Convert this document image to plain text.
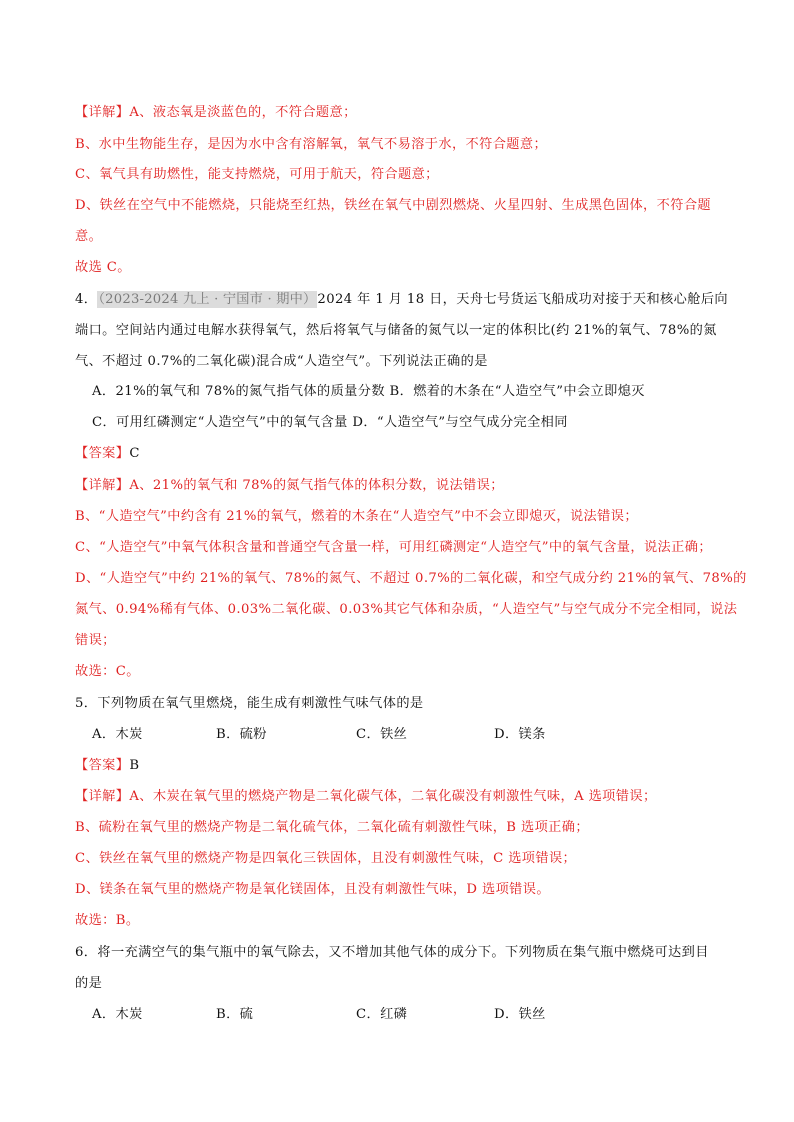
【详解】A、液态氧是淡蓝色的，不符合题意；
B、水中生物能生存，是因为水中含有溶解氧，氧气不易溶于水，不符合题意；
C、氧气具有助燃性，能支持燃烧，可用于航天，符合题意；
D、铁丝在空气中不能燃烧，只能烧至红热，铁丝在氧气中剧烈燃烧、火星四射、生成黑色固体，不符合题
意。
故选 C。
4．（2023-2024 九上 · 宁国市 · 期中）2024 年 1 月 18 日，天舟七号货运飞船成功对接于天和核心舱后向
端口。空间站内通过电解水获得氧气，然后将氧气与储备的氮气以一定的体积比(约 21%的氧气、78%的氮
气、不超过 0.7%的二氧化碳)混合成“人造空气”。下列说法正确的是
A．21%的氧气和 78%的氮气指气体的质量分数 B．燃着的木条在“人造空气”中会立即熄灭
C．可用红磷测定“人造空气”中的氧气含量 D．“人造空气”与空气成分完全相同
【答案】C
【详解】A、21%的氧气和 78%的氮气指气体的体积分数，说法错误；
B、“人造空气”中约含有 21%的氧气，燃着的木条在“人造空气”中不会立即熄灭，说法错误；
C、“人造空气”中氧气体积含量和普通空气含量一样，可用红磷测定“人造空气”中的氧气含量，说法正确；
D、“人造空气”中约 21%的氧气、78%的氮气、不超过 0.7%的二氧化碳，和空气成分约 21%的氧气、78%的
氮气、0.94%稀有气体、0.03%二氧化碳、0.03%其它气体和杂质，“人造空气”与空气成分不完全相同，说法
错误；
故选：C。
5．下列物质在氧气里燃烧，能生成有刺激性气味气体的是
A．木炭	B．硫粉	C．铁丝	D．镁条
【答案】B
【详解】A、木炭在氧气里的燃烧产物是二氧化碳气体，二氧化碳没有刺激性气味，A 选项错误；
B、硫粉在氧气里的燃烧产物是二氧化硫气体，二氧化硫有刺激性气味，B 选项正确；
C、铁丝在氧气里的燃烧产物是四氧化三铁固体，且没有刺激性气味，C 选项错误；
D、镁条在氧气里的燃烧产物是氧化镁固体，且没有刺激性气味，D 选项错误。
故选：B。
6．将一充满空气的集气瓶中的氧气除去，又不增加其他气体的成分下。下列物质在集气瓶中燃烧可达到目
的是
A．木炭	B．硫	C．红磷	D．铁丝
